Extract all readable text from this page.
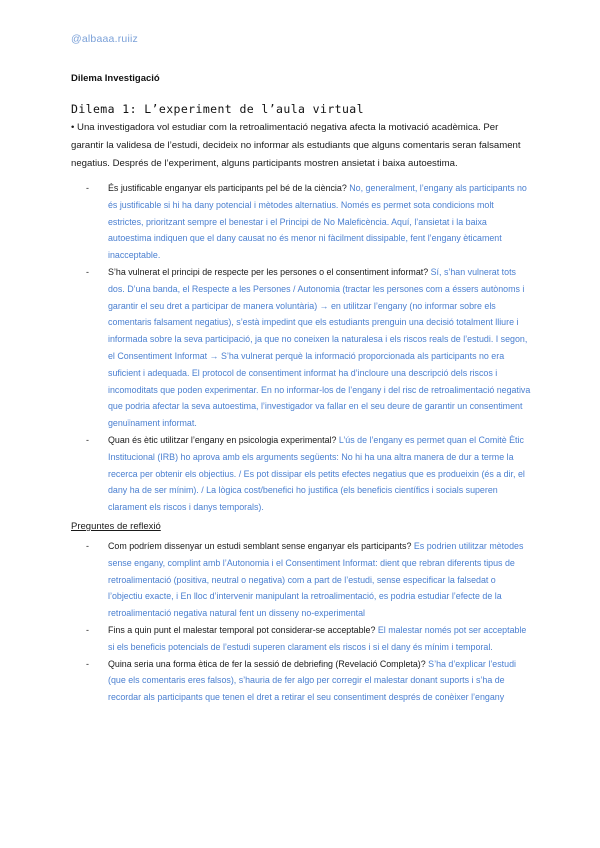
@albaaa.ruiiz
Dilema Investigació
Dilema 1: L’experiment de l’aula virtual
• Una investigadora vol estudiar com la retroalimentació negativa afecta la motivació acadèmica. Per garantir la validesa de l’estudi, decideix no informar als estudiants que alguns comentaris seran falsament negatius. Després de l’experiment, alguns participants mostren ansietat i baixa autoestima.
- És justificable enganyar els participants pel bé de la ciència? No, generalment, l’engany als participants no és justificable si hi ha dany potencial i mètodes alternatius. Només es permet sota condicions molt estrictes, prioritzant sempre el benestar i el Principi de No Maleficència. Aquí, l’ansietat i la baixa autoestima indiquen que el dany causat no és menor ni fàcilment dissipable, fent l’engany èticament inacceptable.
- S’ha vulnerat el principi de respecte per les persones o el consentiment informat? Sí, s’han vulnerat tots dos. D’una banda, el Respecte a les Persones / Autonomia (tractar les persones com a éssers autònoms i garantir el seu dret a participar de manera voluntària) → en utilitzar l’engany (no informar sobre els comentaris falsament negatius), s’està impedint que els estudiants prenguin una decisió totalment lliure i informada sobre la seva participació, ja que no coneixen la naturalesa i els riscos reals de l’estudi. I segon, el Consentiment Informat → S’ha vulnerat perquè la informació proporcionada als participants no era suficient i adequada. El protocol de consentiment informat ha d’incloure una descripció dels riscos i incomoditats que poden experimentar. En no informar-los de l’engany i del risc de retroalimentació negativa que podria afectar la seva autoestima, l’investigador va fallar en el seu deure de garantir un consentiment genuïnament informat.
- Quan és ètic utilitzar l’engany en psicologia experimental? L’ús de l’engany es permet quan el Comitè Ètic Institucional (IRB) ho aprova amb els arguments següents: No hi ha una altra manera de dur a terme la recerca per obtenir els objectius. / Es pot dissipar els petits efectes negatius que es produeixin (és a dir, el dany ha de ser mínim). / La lògica cost/benefici ho justifica (els beneficis científics i socials superen clarament els riscos i danys temporals).
Preguntes de reflexió
- Com podríem dissenyar un estudi semblant sense enganyar els participants? Es podrien utilitzar mètodes sense engany, complint amb l’Autonomia i el Consentiment Informat: dient que rebran diferents tipus de retroalimentació (positiva, neutral o negativa) com a part de l’estudi, sense especificar la falsedat o l’objectiu exacte, i En lloc d’intervenir manipulant la retroalimentació, es podria estudiar l’efecte de la retroalimentació negativa natural fent un disseny no-experimental
- Fins a quin punt el malestar temporal pot considerar-se acceptable? El malestar només pot ser acceptable si els beneficis potencials de l’estudi superen clarament els riscos i si el dany és mínim i temporal.
- Quina seria una forma ètica de fer la sessió de debriefing (Revelació Completa)? S’ha d’explicar l’estudi (que els comentaris eres falsos), s’hauria de fer algo per corregir el malestar donant suports i s’ha de recordar als participants que tenen el dret a retirar el seu consentiment després de conèixer l’engany
